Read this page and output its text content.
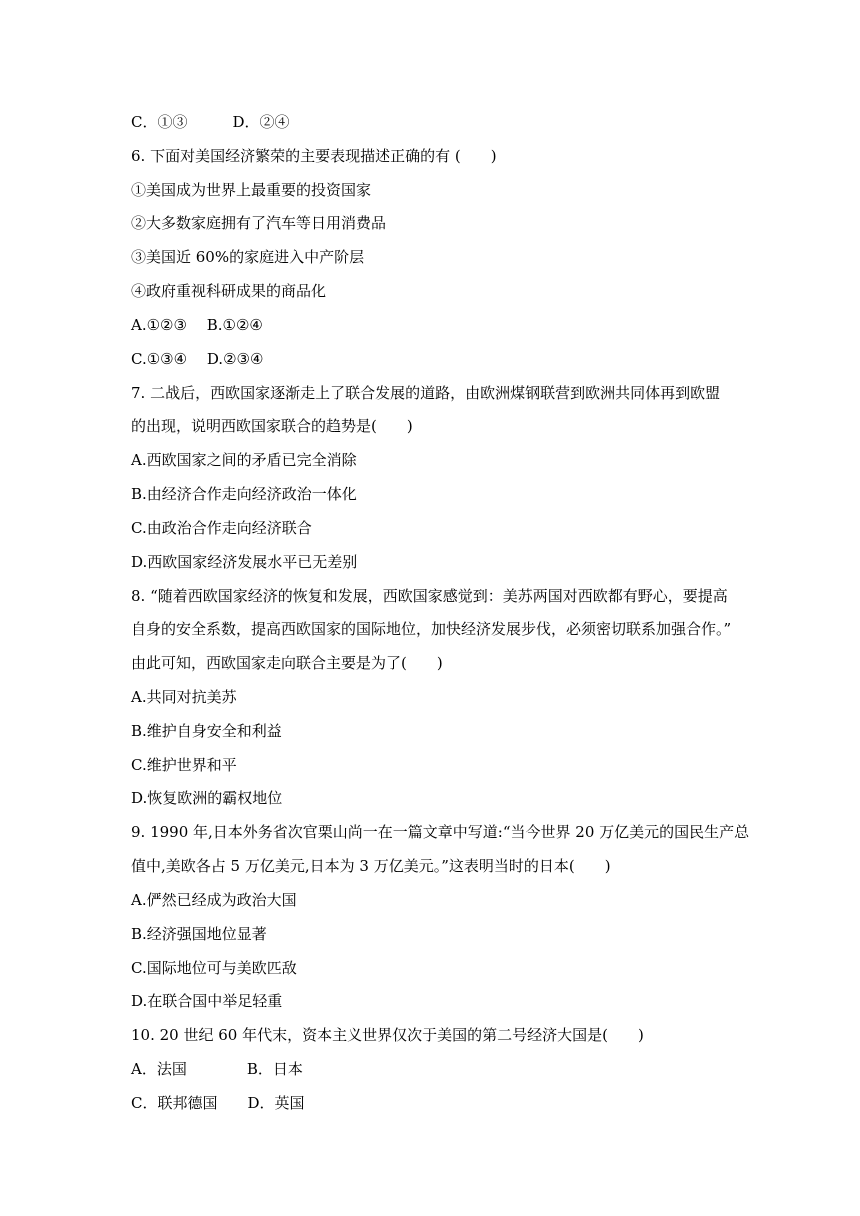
C．①③　　　D．②④
6. 下面对美国经济繁荣的主要表现描述正确的有 (　　)
①美国成为世界上最重要的投资国家
②大多数家庭拥有了汽车等日用消费品
③美国近 60%的家庭进入中产阶层
④政府重视科研成果的商品化
A.①②③　 B.①②④
C.①③④　 D.②③④
7. 二战后，西欧国家逐渐走上了联合发展的道路，由欧洲煤钢联营到欧洲共同体再到欧盟
的出现，说明西欧国家联合的趋势是(　　)
A.西欧国家之间的矛盾已完全消除
B.由经济合作走向经济政治一体化
C.由政治合作走向经济联合
D.西欧国家经济发展水平已无差别
8. “随着西欧国家经济的恢复和发展，西欧国家感觉到：美苏两国对西欧都有野心，要提高
自身的安全系数，提高西欧国家的国际地位，加快经济发展步伐，必须密切联系加强合作。”
由此可知，西欧国家走向联合主要是为了(　　)
A.共同对抗美苏
B.维护自身安全和利益
C.维护世界和平
D.恢复欧洲的霸权地位
9. 1990 年,日本外务省次官栗山尚一在一篇文章中写道:“当今世界 20 万亿美元的国民生产总
值中,美欧各占 5 万亿美元,日本为 3 万亿美元。”这表明当时的日本(　　)
A.俨然已经成为政治大国
B.经济强国地位显著
C.国际地位可与美欧匹敌
D.在联合国中举足轻重
10. 20 世纪 60 年代末，资本主义世界仅次于美国的第二号经济大国是(　　)
A．法国　　　　B．日本
C．联邦德国　　D．英国
